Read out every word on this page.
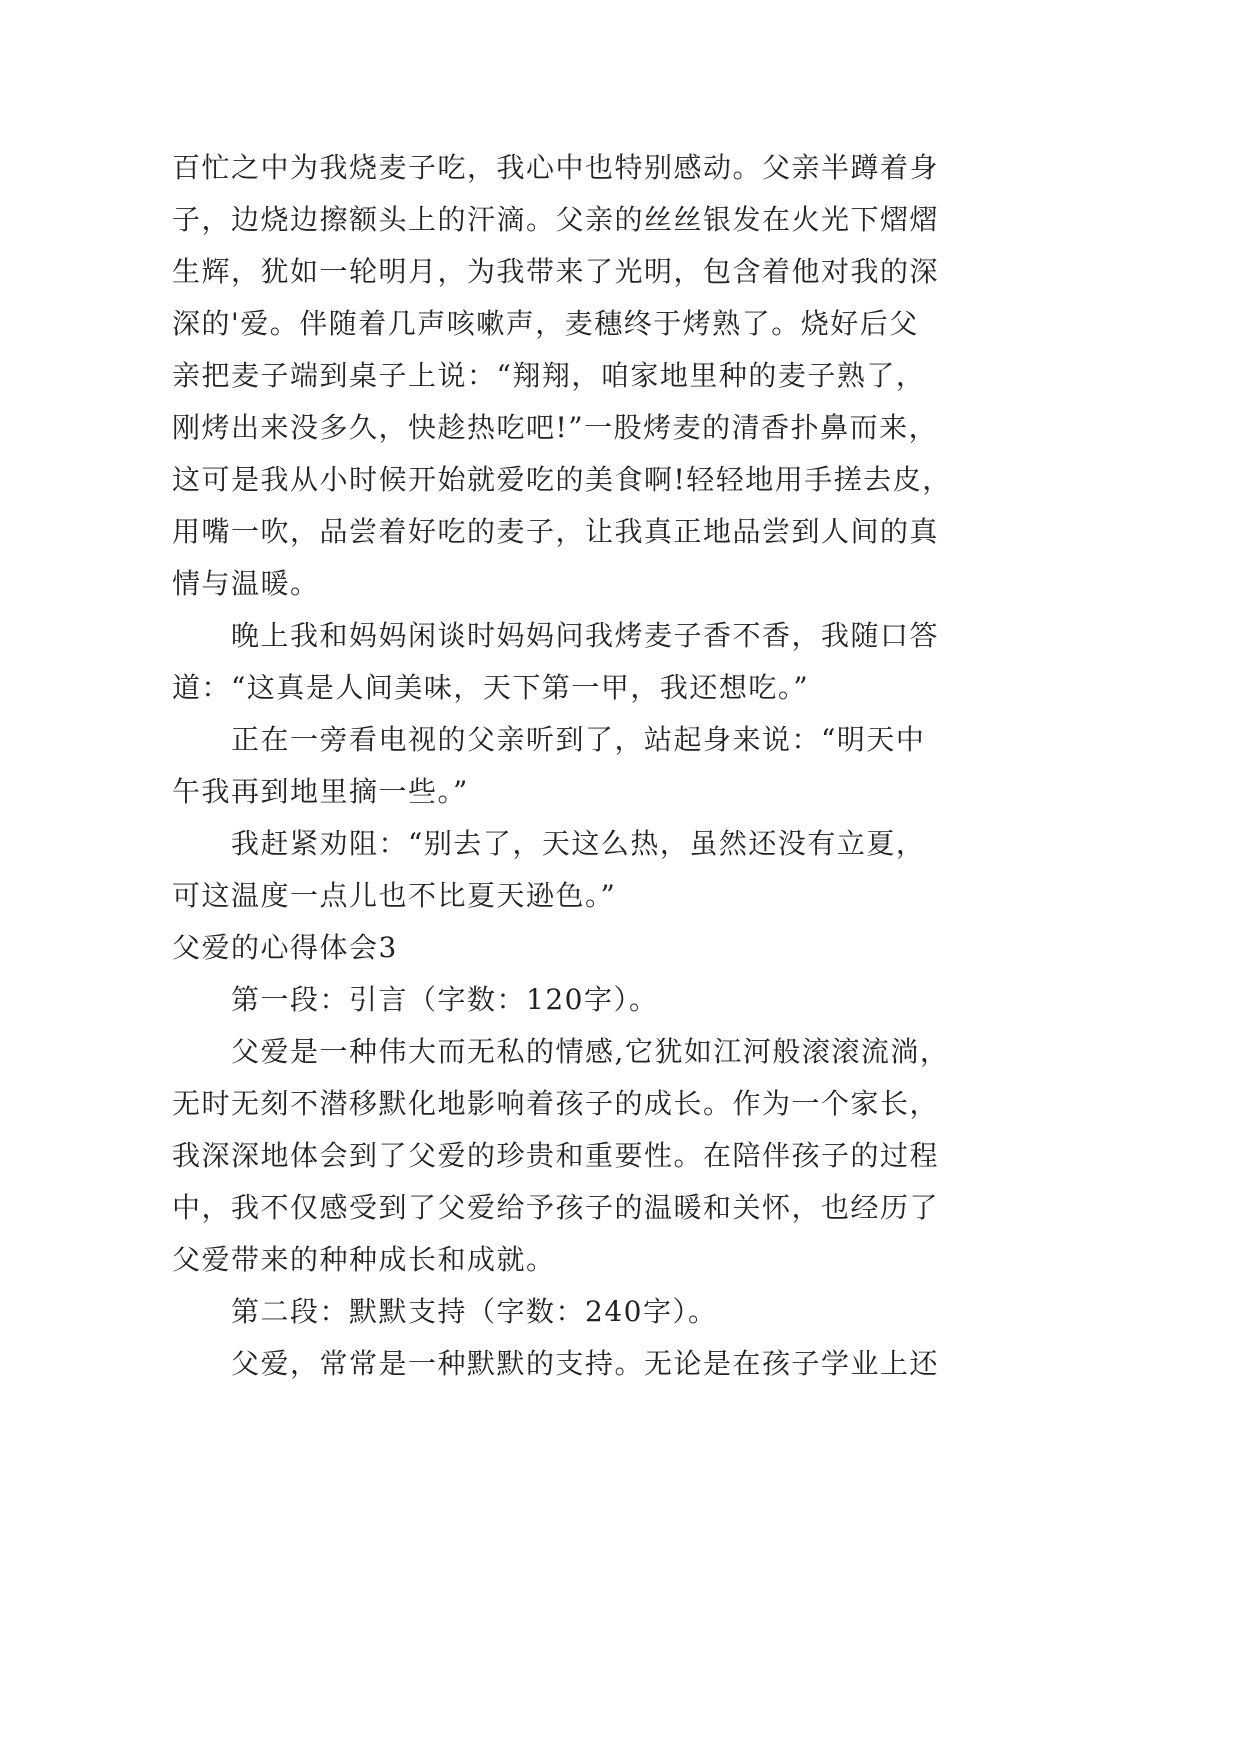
百忙之中为我烧麦子吃，我心中也特别感动。父亲半蹲着身
子，边烧边擦额头上的汗滴。父亲的丝丝银发在火光下熠熠
生辉，犹如一轮明月，为我带来了光明，包含着他对我的深
深的'爱。伴随着几声咳嗽声，麦穗终于烤熟了。烧好后父
亲把麦子端到桌子上说：“翔翔，咱家地里种的麦子熟了，
刚烤出来没多久，快趁热吃吧!”一股烤麦的清香扑鼻而来，
这可是我从小时候开始就爱吃的美食啊!轻轻地用手搓去皮，
用嘴一吹，品尝着好吃的麦子，让我真正地品尝到人间的真
情与温暖。
晚上我和妈妈闲谈时妈妈问我烤麦子香不香，我随口答
道：“这真是人间美味，天下第一甲，我还想吃。”
正在一旁看电视的父亲听到了，站起身来说：“明天中
午我再到地里摘一些。”
我赶紧劝阻：“别去了，天这么热，虽然还没有立夏，
可这温度一点儿也不比夏天逊色。”
父爱的心得体会3
第一段：引言（字数：120字）。
父爱是一种伟大而无私的情感,它犹如江河般滚滚流淌，
无时无刻不潜移默化地影响着孩子的成长。作为一个家长，
我深深地体会到了父爱的珍贵和重要性。在陪伴孩子的过程
中，我不仅感受到了父爱给予孩子的温暖和关怀，也经历了
父爱带来的种种成长和成就。
第二段：默默支持（字数：240字）。
父爱，常常是一种默默的支持。无论是在孩子学业上还
